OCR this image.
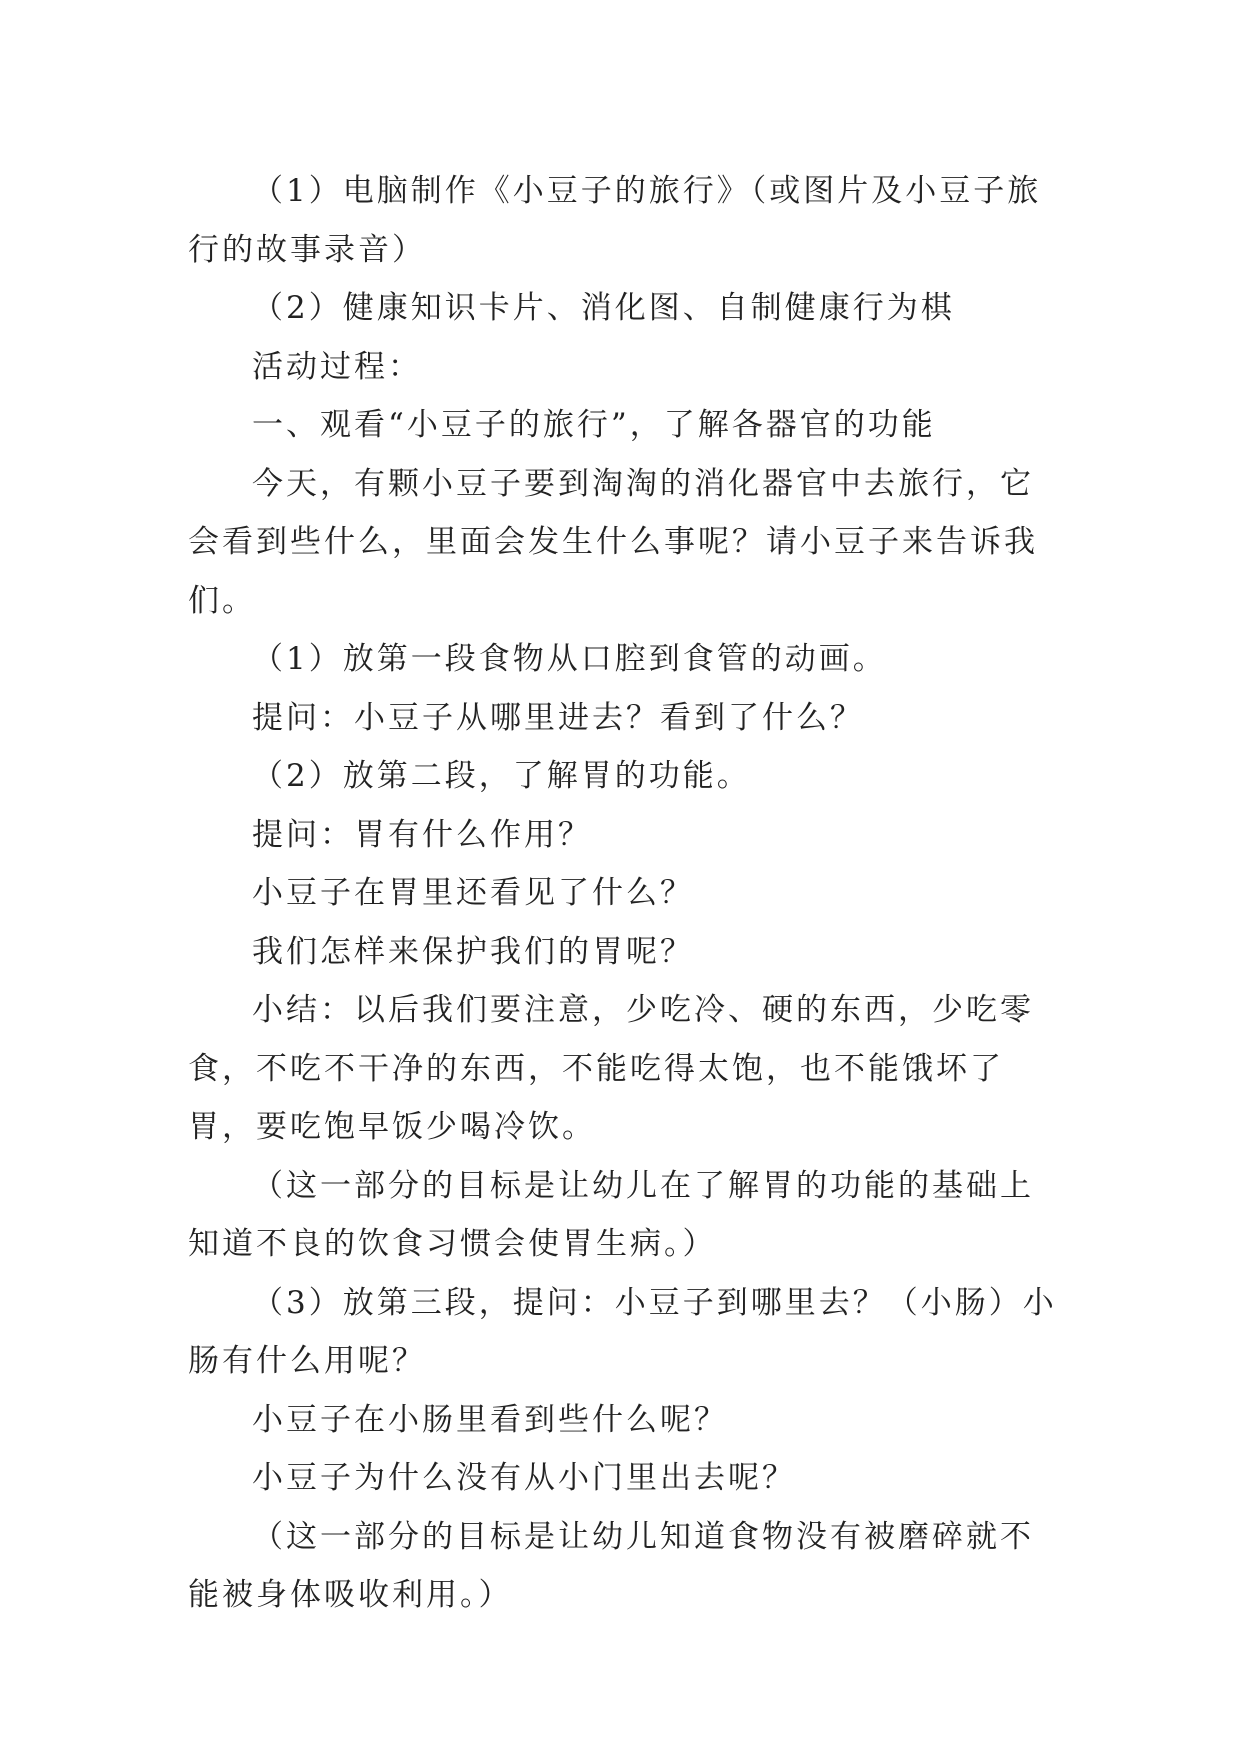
（1）电脑制作《小豆子的旅行》（或图片及小豆子旅行的故事录音）

（2）健康知识卡片、消化图、自制健康行为棋

活动过程：

一、观看“小豆子的旅行”，了解各器官的功能

今天，有颗小豆子要到淘淘的消化器官中去旅行，它会看到些什么，里面会发生什么事呢？请小豆子来告诉我们。

（1）放第一段食物从口腔到食管的动画。

提问：小豆子从哪里进去？看到了什么？

（2）放第二段，了解胃的功能。

提问：胃有什么作用？

小豆子在胃里还看见了什么？

我们怎样来保护我们的胃呢？

小结：以后我们要注意，少吃冷、硬的东西，少吃零食，不吃不干净的东西，不能吃得太饱，也不能饿坏了胃，要吃饱早饭少喝冷饮。

（这一部分的目标是让幼儿在了解胃的功能的基础上知道不良的饮食习惯会使胃生病。）

（3）放第三段，提问：小豆子到哪里去？（小肠）小肠有什么用呢？

小豆子在小肠里看到些什么呢？

小豆子为什么没有从小门里出去呢？

（这一部分的目标是让幼儿知道食物没有被磨碎就不能被身体吸收利用。）
